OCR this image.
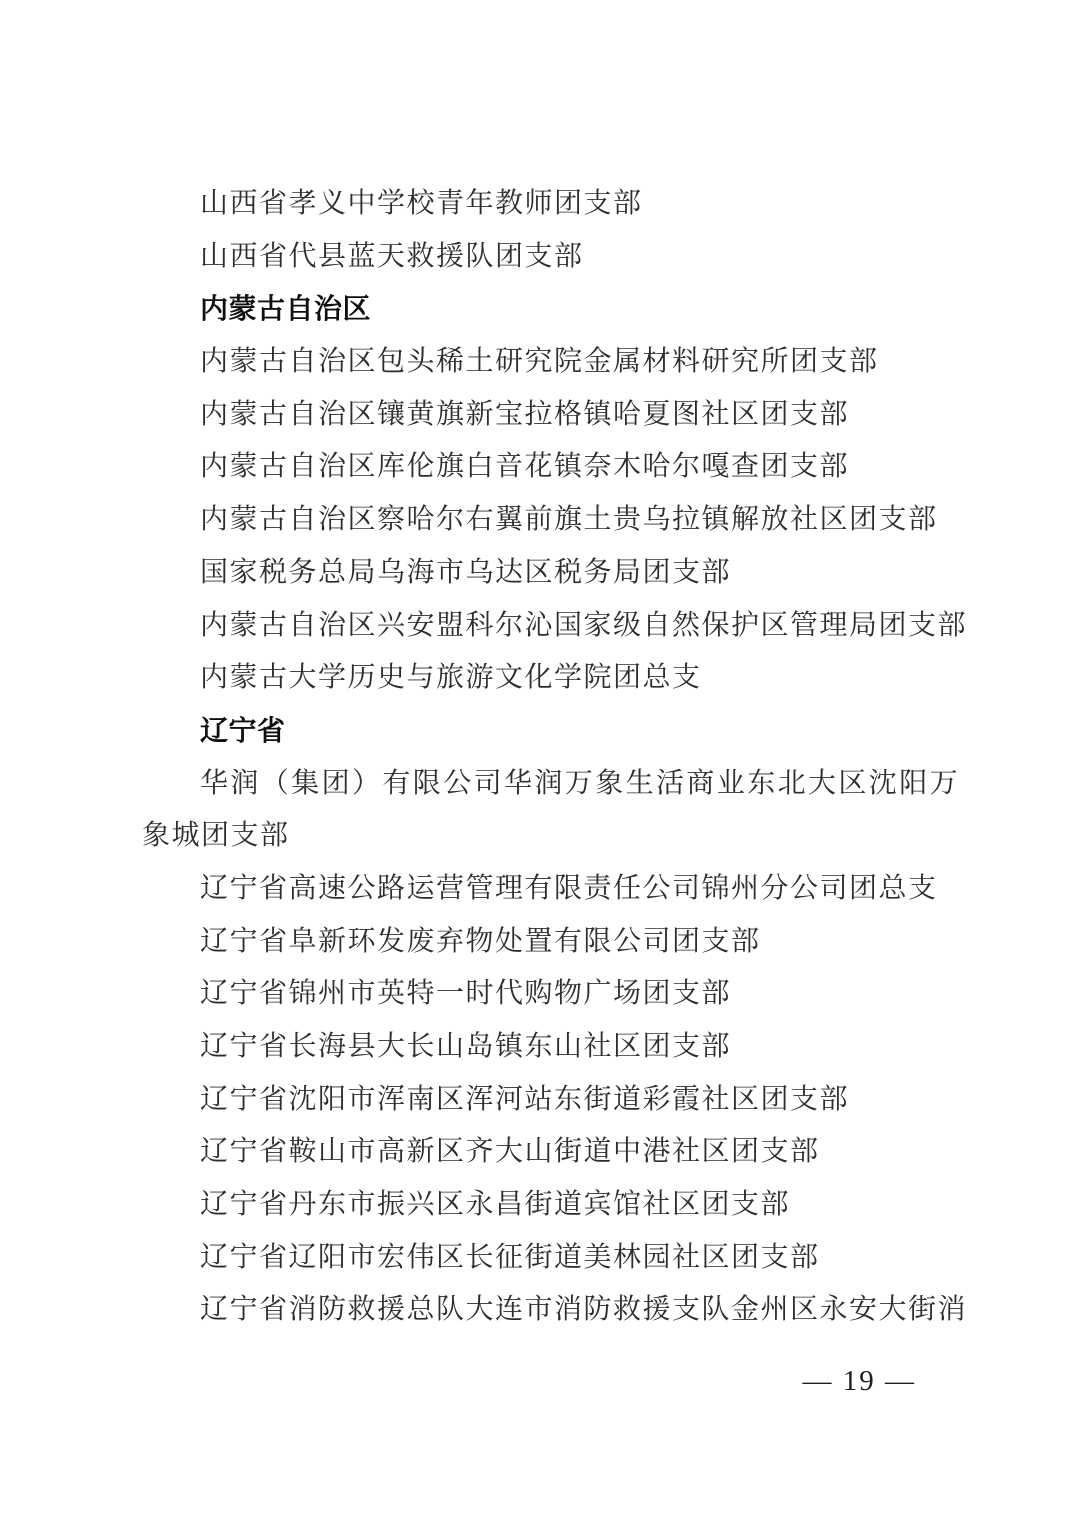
山西省孝义中学校青年教师团支部
山西省代县蓝天救援队团支部
内蒙古自治区
内蒙古自治区包头稀土研究院金属材料研究所团支部
内蒙古自治区镶黄旗新宝拉格镇哈夏图社区团支部
内蒙古自治区库伦旗白音花镇奈木哈尔嘎查团支部
内蒙古自治区察哈尔右翼前旗土贵乌拉镇解放社区团支部
国家税务总局乌海市乌达区税务局团支部
内蒙古自治区兴安盟科尔沁国家级自然保护区管理局团支部
内蒙古大学历史与旅游文化学院团总支
辽宁省
华润（集团）有限公司华润万象生活商业东北大区沈阳万
象城团支部
辽宁省高速公路运营管理有限责任公司锦州分公司团总支
辽宁省阜新环发废弃物处置有限公司团支部
辽宁省锦州市英特一时代购物广场团支部
辽宁省长海县大长山岛镇东山社区团支部
辽宁省沈阳市浑南区浑河站东街道彩霞社区团支部
辽宁省鞍山市高新区齐大山街道中港社区团支部
辽宁省丹东市振兴区永昌街道宾馆社区团支部
辽宁省辽阳市宏伟区长征街道美林园社区团支部
辽宁省消防救援总队大连市消防救援支队金州区永安大街消
— 19 —
